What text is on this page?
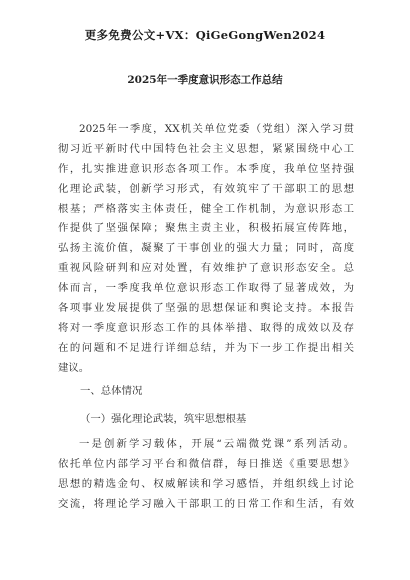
更多免费公文+VX：QiGeGongWen2024
2025年一季度意识形态工作总结
2025年一季度，XX机关单位党委（党组）深入学习贯
彻习近平新时代中国特色社会主义思想，紧紧围绕中心工
作，扎实推进意识形态各项工作。本季度，我单位坚持强
化理论武装，创新学习形式，有效筑牢了干部职工的思想
根基；严格落实主体责任，健全工作机制，为意识形态工
作提供了坚强保障；聚焦主责主业，积极拓展宣传阵地，
弘扬主流价值，凝聚了干事创业的强大力量；同时，高度
重视风险研判和应对处置，有效维护了意识形态安全。总
体而言，一季度我单位意识形态工作取得了显著成效，为
各项事业发展提供了坚强的思想保证和舆论支持。本报告
将对一季度意识形态工作的具体举措、取得的成效以及存
在的问题和不足进行详细总结，并为下一步工作提出相关
建议。
一、总体情况
（一）强化理论武装，筑牢思想根基
一是创新学习载体，开展“云端微党课”系列活动。
依托单位内部学习平台和微信群，每日推送《重要思想》
思想的精选金句、权威解读和学习感悟，并组织线上讨论
交流，将理论学习融入干部职工的日常工作和生活，有效
